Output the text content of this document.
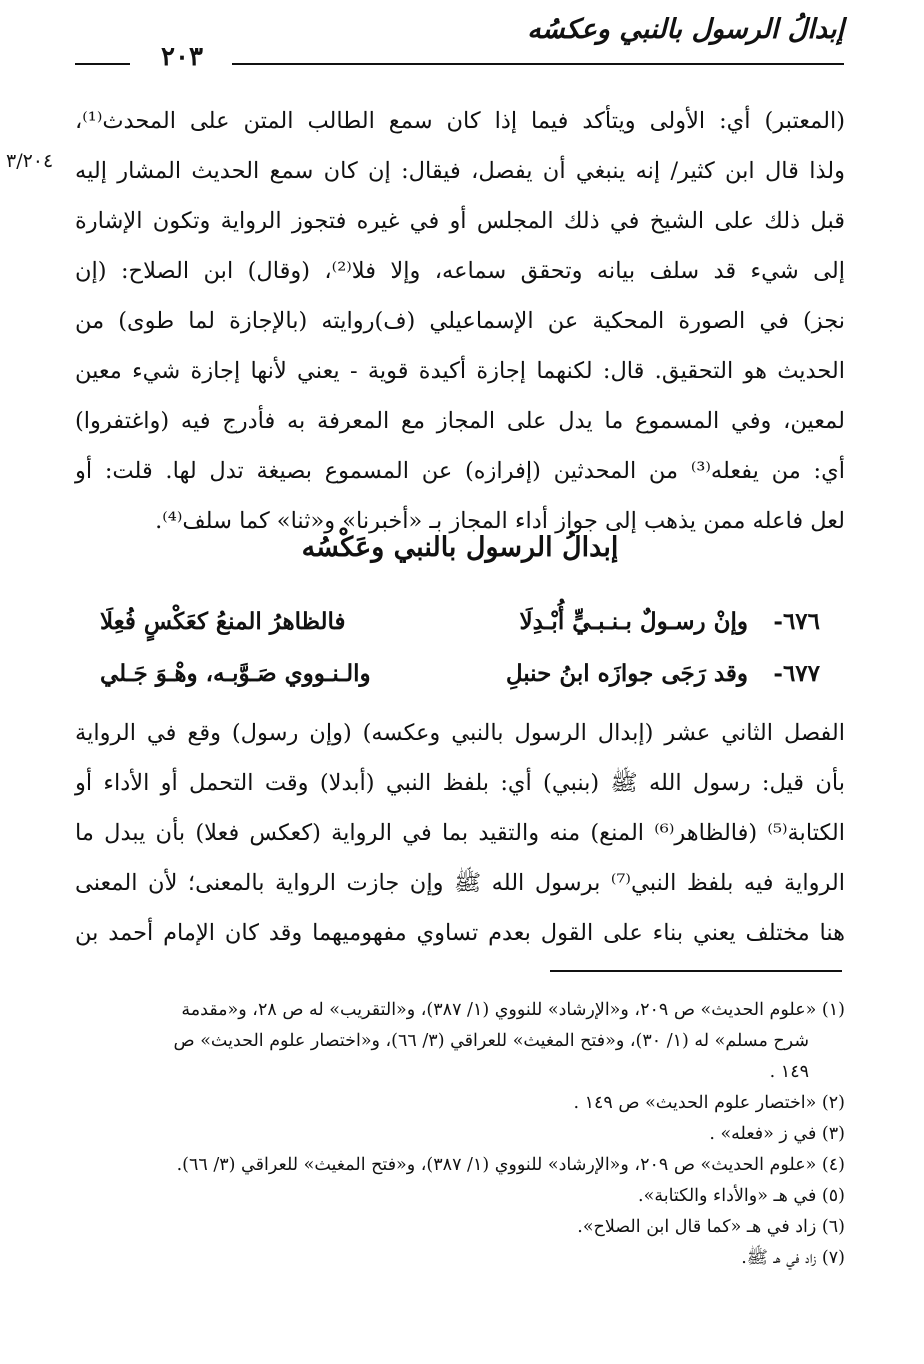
إبدالُ الرسول بالنبي وعكسُه
٢٠٣
٣/٢٠٤
(المعتبر) أي: الأولى ويتأكد فيما إذا كان سمع الطالب المتن على المحدث⁽¹⁾،
ولذا قال ابن كثير/ إنه ينبغي أن يفصل، فيقال: إن كان سمع الحديث المشار إليه
قبل ذلك على الشيخ في ذلك المجلس أو في غيره فتجوز الرواية وتكون الإشارة
إلى شيء قد سلف بيانه وتحقق سماعه، وإلا فلا⁽²⁾، (وقال) ابن الصلاح: (إن
نجز) في الصورة المحكية عن الإسماعيلي (ف)روايته (بالإجازة لما طوى) من
الحديث هو التحقيق. قال: لكنهما إجازة أكيدة قوية - يعني لأنها إجازة شيء معين
لمعين، وفي المسموع ما يدل على المجاز مع المعرفة به فأدرج فيه (واغتفروا)
أي: من يفعله⁽³⁾ من المحدثين (إفرازه) عن المسموع بصيغة تدل لها. قلت: أو
لعل فاعله ممن يذهب إلى جواز أداء المجاز بـ «أخبرنا» و«ثنا» كما سلف⁽⁴⁾.
إبدالُ الرسول بالنبي وعَكْسُه
٦٧٦-
وإنْ رسـولٌ بـنـبـيٍّ أُبْـدِلَا
فالظاهرُ المنعُ كعَكْسٍ فُعِلَا
٦٧٧-
وقد رَجَى جوازَه ابنُ حنبلِ
والـنـووي صَـوَّبـه، وهْـوَ جَـلي
الفصل الثاني عشر (إبدال الرسول بالنبي وعكسه) (وإن رسول) وقع في الرواية
بأن قيل: رسول الله ﷺ (بنبي) أي: بلفظ النبي (أبدلا) وقت التحمل أو الأداء أو
الكتابة⁽⁵⁾ (فالظاهر⁽⁶⁾ المنع) منه والتقيد بما في الرواية (كعكس فعلا) بأن يبدل ما
الرواية فيه بلفظ النبي⁽⁷⁾ برسول الله ﷺ وإن جازت الرواية بالمعنى؛ لأن المعنى
هنا مختلف يعني بناء على القول بعدم تساوي مفهوميهما وقد كان الإمام أحمد بن
(١) «علوم الحديث» ص ٢٠٩، و«الإرشاد» للنووي (١/ ٣٨٧)، و«التقريب» له ص ٢٨، و«مقدمة
شرح مسلم» له (١/ ٣٠)، و«فتح المغيث» للعراقي (٣/ ٦٦)، و«اختصار علوم الحديث» ص
١٤٩ .
(٢) «اختصار علوم الحديث» ص ١٤٩ .
(٣) في ز «فعله» .
(٤) «علوم الحديث» ص ٢٠٩، و«الإرشاد» للنووي (١/ ٣٨٧)، و«فتح المغيث» للعراقي (٣/ ٦٦).
(٥) في هـ «والأداء والكتابة».
(٦) زاد في هـ «كما قال ابن الصلاح».
(٧) زاد في هـ ﷺ.
